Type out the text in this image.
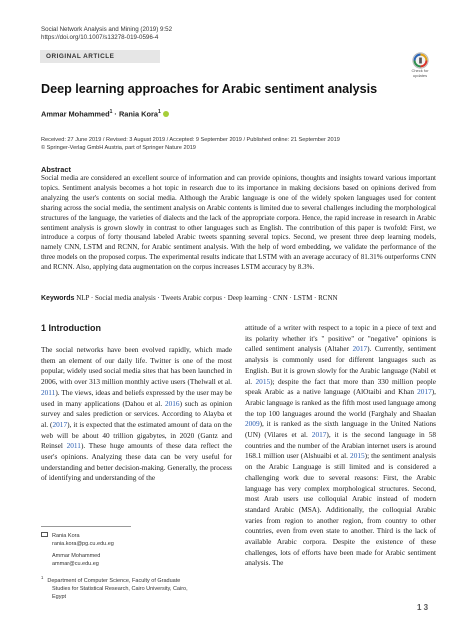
Social Network Analysis and Mining (2019) 9:52
https://doi.org/10.1007/s13278-019-0596-4
ORIGINAL ARTICLE
Check for
updates
Deep learning approaches for Arabic sentiment analysis
Ammar Mohammed$^1$ · Rania Kora$^1$
Received: 27 June 2019 / Revised: 3 August 2019 / Accepted: 9 September 2019 / Published online: 21 September 2019
© Springer-Verlag GmbH Austria, part of Springer Nature 2019
Abstract
Social media are considered an excellent source of information and can provide opinions, thoughts and insights toward various important topics. Sentiment analysis becomes a hot topic in research due to its importance in making decisions based on opinions derived from analyzing the user's contents on social media. Although the Arabic language is one of the widely spoken languages used for content sharing across the social media, the sentiment analysis on Arabic contents is limited due to several challenges including the morphological structures of the language, the varieties of dialects and the lack of the appropriate corpora. Hence, the rapid increase in research in Arabic sentiment analysis is grown slowly in contrast to other languages such as English. The contribution of this paper is twofold: First, we introduce a corpus of forty thousand labeled Arabic tweets spanning several topics. Second, we present three deep learning models, namely CNN, LSTM and RCNN, for Arabic sentiment analysis. With the help of word embedding, we validate the performance of the three models on the proposed corpus. The experimental results indicate that LSTM with an average accuracy of 81.31% outperforms CNN and RCNN. Also, applying data augmentation on the corpus increases LSTM accuracy by 8.3%.
Keywords NLP · Social media analysis · Tweets Arabic corpus · Deep learning · CNN · LSTM · RCNN
1 Introduction
The social networks have been evolved rapidly, which made them an element of our daily life. Twitter is one of the most popular, widely used social media sites that has been launched in 2006, with over 313 million monthly active users (Thelwall et al. 2011). The views, ideas and beliefs expressed by the user may be used in many applications (Dahou et al. 2016) such as opinion survey and sales prediction or services. According to Alayba et al. (2017), it is expected that the estimated amount of data on the web will be about 40 trillion gigabytes, in 2020 (Gantz and Reinsel 2011). These huge amounts of these data reflect the user's opinions. Analyzing these data can be very useful for understanding and better decision-making. Generally, the process of identifying and understanding of the
attitude of a writer with respect to a topic in a piece of text and its polarity whether it's " positive" or "negative" opinions is called sentiment analysis (Altaher 2017). Currently, sentiment analysis is commonly used for different languages such as English. But it is grown slowly for the Arabic language (Nabil et al. 2015); despite the fact that more than 330 million people speak Arabic as a native language (AlOtaibi and Khan 2017), Arabic language is ranked as the fifth most used language among the top 100 languages around the world (Farghaly and Shaalan 2009), it is ranked as the sixth language in the United Nations (UN) (Vilares et al. 2017), it is the second language in 58 countries and the number of the Arabian internet users is around 168.1 million user (Alshuaibi et al. 2015); the sentiment analysis on the Arabic Language is still limited and is considered a challenging work due to several reasons: First, the Arabic language has very complex morphological structures. Second, most Arab users use colloquial Arabic instead of modern standard Arabic (MSA). Additionally, the colloquial Arabic varies from region to another region, from country to other countries, even from even state to another. Third is the lack of available Arabic corpora. Despite the existence of these challenges, lots of efforts have been made for Arabic sentiment analysis. The
Rania Kora
rania.kora@pg.cu.edu.eg
Ammar Mohammed
ammar@cu.edu.eg
$^1$Department of Computer Science, Faculty of Graduate
Studies for Statistical Research, Cairo University, Cairo,
Egypt
1 3
